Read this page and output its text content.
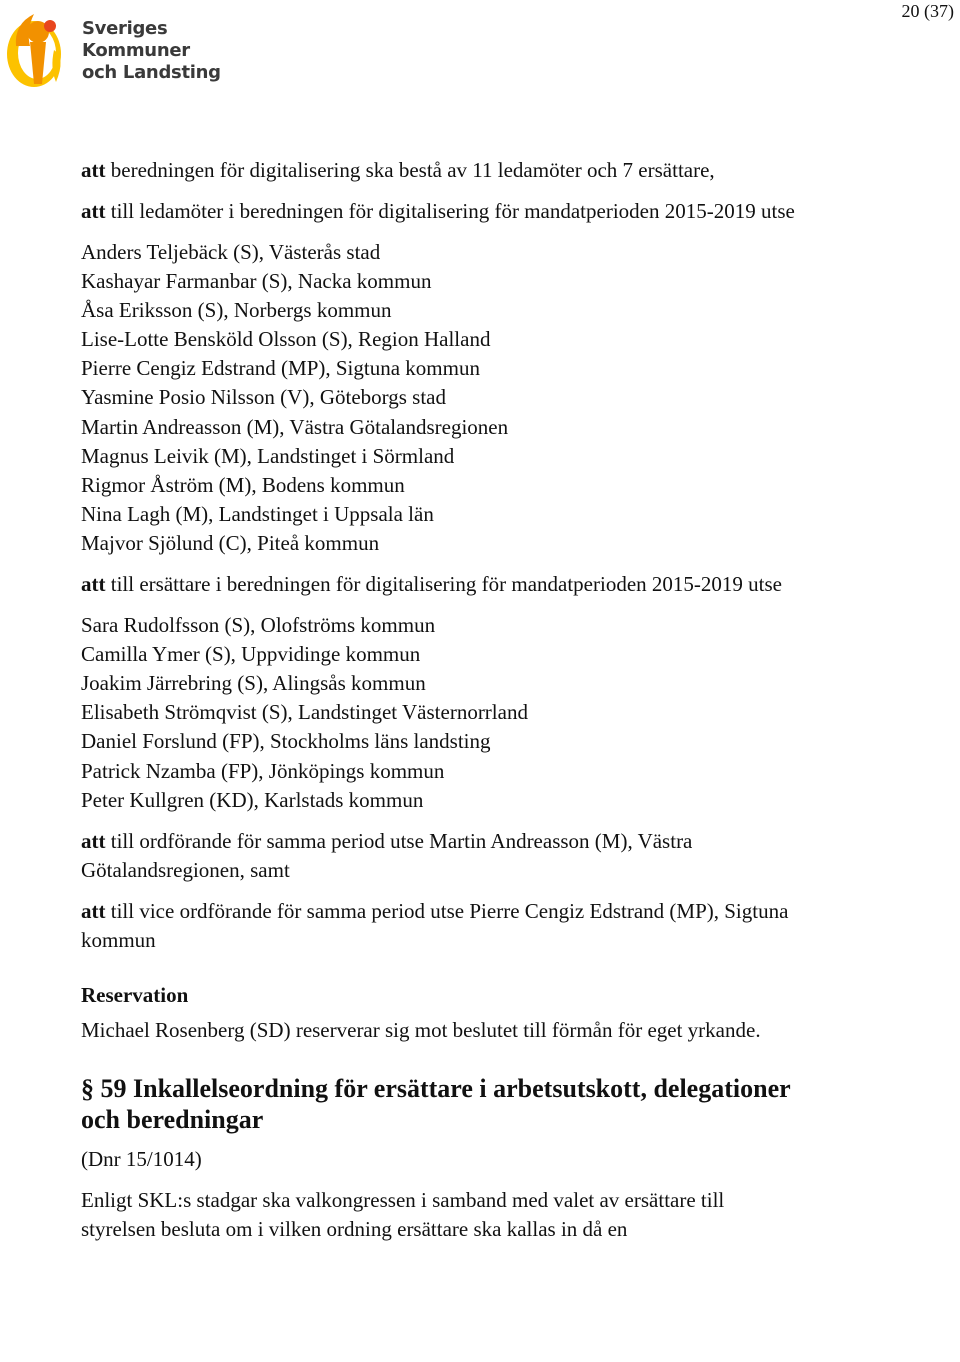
20 (37)
Sveriges
Kommuner
och Landsting

att beredningen för digitalisering ska bestå av 11 ledamöter och 7 ersättare,

att till ledamöter i beredningen för digitalisering för mandatperioden 2015-2019 utse

Anders Teljebäck (S), Västerås stad
Kashayar Farmanbar (S), Nacka kommun
Åsa Eriksson (S), Norbergs kommun
Lise-Lotte Bensköld Olsson (S), Region Halland
Pierre Cengiz Edstrand (MP), Sigtuna kommun
Yasmine Posio Nilsson (V), Göteborgs stad
Martin Andreasson (M), Västra Götalandsregionen
Magnus Leivik (M), Landstinget i Sörmland
Rigmor Åström (M), Bodens kommun
Nina Lagh (M), Landstinget i Uppsala län
Majvor Sjölund (C), Piteå kommun

att till ersättare i beredningen för digitalisering för mandatperioden 2015-2019 utse

Sara Rudolfsson (S), Olofströms kommun
Camilla Ymer (S), Uppvidinge kommun
Joakim Järrebring (S), Alingsås kommun
Elisabeth Strömqvist (S), Landstinget Västernorrland
Daniel Forslund (FP), Stockholms läns landsting
Patrick Nzamba (FP), Jönköpings kommun
Peter Kullgren (KD), Karlstads kommun

att till ordförande för samma period utse Martin Andreasson (M), Västra Götalandsregionen, samt

att till vice ordförande för samma period utse Pierre Cengiz Edstrand (MP), Sigtuna kommun

Reservation

Michael Rosenberg (SD) reserverar sig mot beslutet till förmån för eget yrkande.

§ 59 Inkallelseordning för ersättare i arbetsutskott, delegationer och beredningar

(Dnr 15/1014)

Enligt SKL:s stadgar ska valkongressen i samband med valet av ersättare till styrelsen besluta om i vilken ordning ersättare ska kallas in då en
